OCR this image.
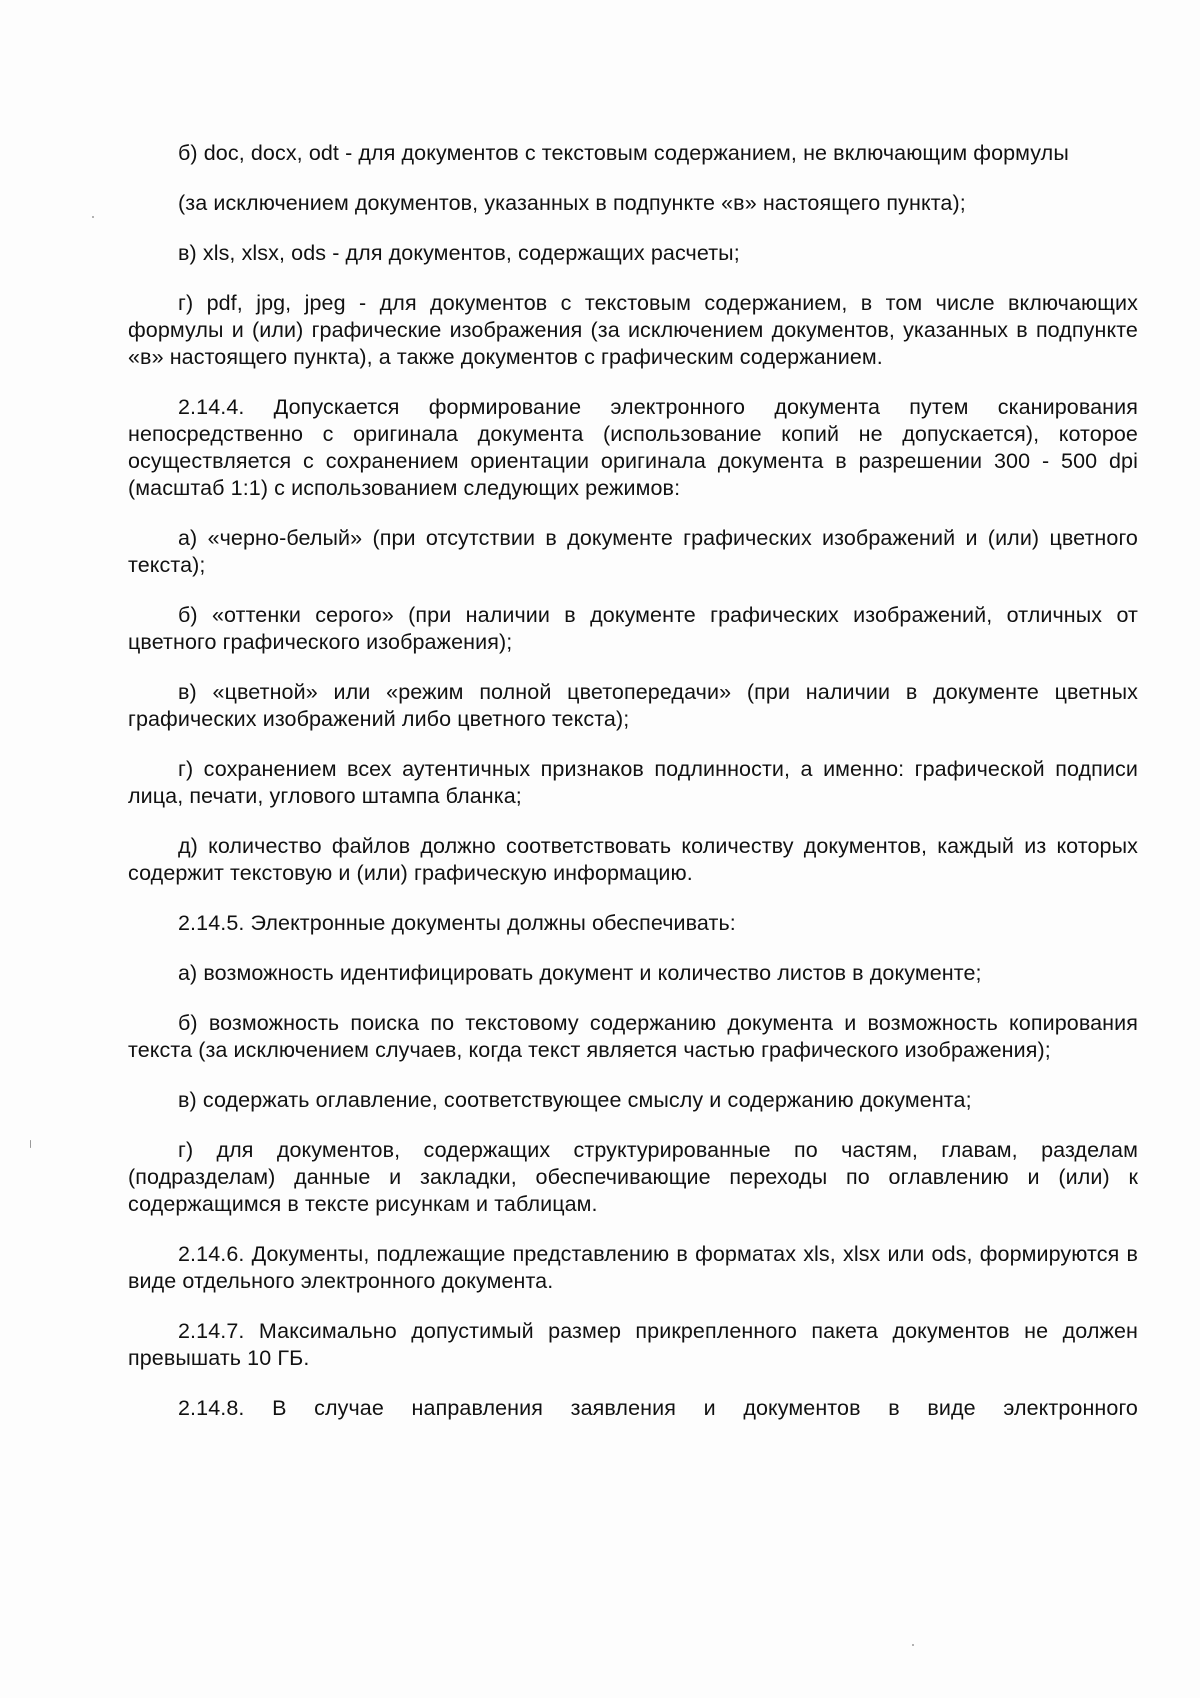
б) doc, docx, odt - для документов с текстовым содержанием, не включающим формулы

(за исключением документов, указанных в подпункте «в» настоящего пункта);

в) xls, xlsx, ods - для документов, содержащих расчеты;

г) pdf, jpg, jpeg - для документов с текстовым содержанием, в том числе включающих формулы и (или) графические изображения (за исключением документов, указанных в подпункте «в» настоящего пункта), а также документов с графическим содержанием.

2.14.4. Допускается формирование электронного документа путем сканирования непосредственно с оригинала документа (использование копий не допускается), которое осуществляется с сохранением ориентации оригинала документа в разрешении 300 - 500 dpi (масштаб 1:1) с использованием следующих режимов:

а) «черно-белый» (при отсутствии в документе графических изображений и (или) цветного текста);

б) «оттенки серого» (при наличии в документе графических изображений, отличных от цветного графического изображения);

в) «цветной» или «режим полной цветопередачи» (при наличии в документе цветных графических изображений либо цветного текста);

г) сохранением всех аутентичных признаков подлинности, а именно: графической подписи лица, печати, углового штампа бланка;

д) количество файлов должно соответствовать количеству документов, каждый из которых содержит текстовую и (или) графическую информацию.

2.14.5. Электронные документы должны обеспечивать:

а) возможность идентифицировать документ и количество листов в документе;

б) возможность поиска по текстовому содержанию документа и возможность копирования текста (за исключением случаев, когда текст является частью графического изображения);

в) содержать оглавление, соответствующее смыслу и содержанию документа;

г) для документов, содержащих структурированные по частям, главам, разделам (подразделам) данные и закладки, обеспечивающие переходы по оглавлению и (или) к содержащимся в тексте рисункам и таблицам.

2.14.6. Документы, подлежащие представлению в форматах xls, xlsx или ods, формируются в виде отдельного электронного документа.

2.14.7. Максимально допустимый размер прикрепленного пакета документов не должен превышать 10 ГБ.

2.14.8. В случае направления заявления и документов в виде электронного
